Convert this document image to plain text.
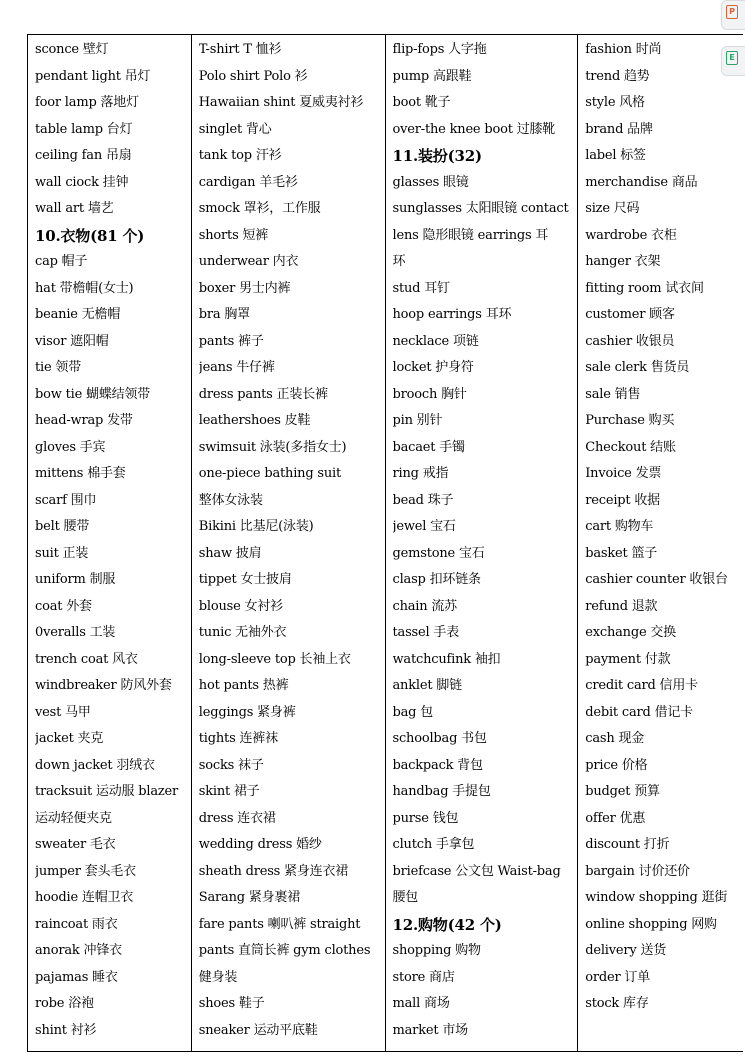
sconce 壁灯
pendant light 吊灯
foor lamp 落地灯
table lamp 台灯
ceiling fan 吊扇
wall ciock 挂钟
wall art 墙艺
10.衣物(81 个)
cap 帽子
hat 带檐帽(女士)
beanie 无檐帽
visor 遮阳帽
tie 领带
bow tie 蝴蝶结领带
head-wrap 发带
gloves 手宾
mittens 棉手套
scarf 围巾
belt 腰带
suit 正装
uniform 制服
coat 外套
0veralls 工装
trench coat 风衣
windbreaker 防风外套
vest 马甲
jacket 夹克
down jacket 羽绒衣
tracksuit 运动服 blazer
运动轻便夹克
sweater 毛衣
jumper 套头毛衣
hoodie 连帽卫衣
raincoat 雨衣
anorak 冲锋衣
pajamas 睡衣
robe 浴袍
shint 衬衫
T-shirt T 恤衫
Polo shirt Polo 衫
Hawaiian shint 夏威夷衬衫
singlet 背心
tank top 汗衫
cardigan 羊毛衫
smock 罩衫，工作服
shorts 短裤
underwear 内衣
boxer 男士内裤
bra 胸罩
pants 裤子
jeans 牛仔裤
dress pants 正装长裤
leathershoes 皮鞋
swimsuit 泳装(多指女士)
one-piece bathing suit
整体女泳装
Bikini 比基尼(泳装)
shaw 披肩
tippet 女士披肩
blouse 女衬衫
tunic 无袖外衣
long-sleeve top 长袖上衣
hot pants 热裤
leggings 紧身裤
tights 连裤袜
socks 袜子
skint 裙子
dress 连衣裙
wedding dress 婚纱
sheath dress 紧身连衣裙
Sarang 紧身裹裙
fare pants 喇叭裤 straight
pants 直筒长裤 gym clothes
健身装
shoes 鞋子
sneaker 运动平底鞋
flip-fops 人字拖
pump 高跟鞋
boot 靴子
over-the knee boot 过膝靴
11.装扮(32)
glasses 眼镜
sunglasses 太阳眼镜 contact
lens 隐形眼镜 earrings 耳
环
stud 耳钉
hoop earrings 耳环
necklace 项链
locket 护身符
brooch 胸针
pin 别针
bacaet 手镯
ring 戒指
bead 珠子
jewel 宝石
gemstone 宝石
clasp 扣环链条
chain 流苏
tassel 手表
watchcufink 袖扣
anklet 脚链
bag 包
schoolbag 书包
backpack 背包
handbag 手提包
purse 钱包
clutch 手拿包
briefcase 公文包 Waist-bag
腰包
12.购物(42 个)
shopping 购物
store 商店
mall 商场
market 市场
fashion 时尚
trend 趋势
style 风格
brand 品牌
label 标签
merchandise 商品
size 尺码
wardrobe 衣柜
hanger 衣架
fitting room 试衣间
customer 顾客
cashier 收银员
sale clerk 售货员
sale 销售
Purchase 购买
Checkout 结账
Invoice 发票
receipt 收据
cart 购物车
basket 篮子
cashier counter 收银台
refund 退款
exchange 交换
payment 付款
credit card 信用卡
debit card 借记卡
cash 现金
price 价格
budget 预算
offer 优惠
discount 打折
bargain 讨价还价
window shopping 逛街
online shopping 网购
delivery 送货
order 订单
stock 库存
P
E
